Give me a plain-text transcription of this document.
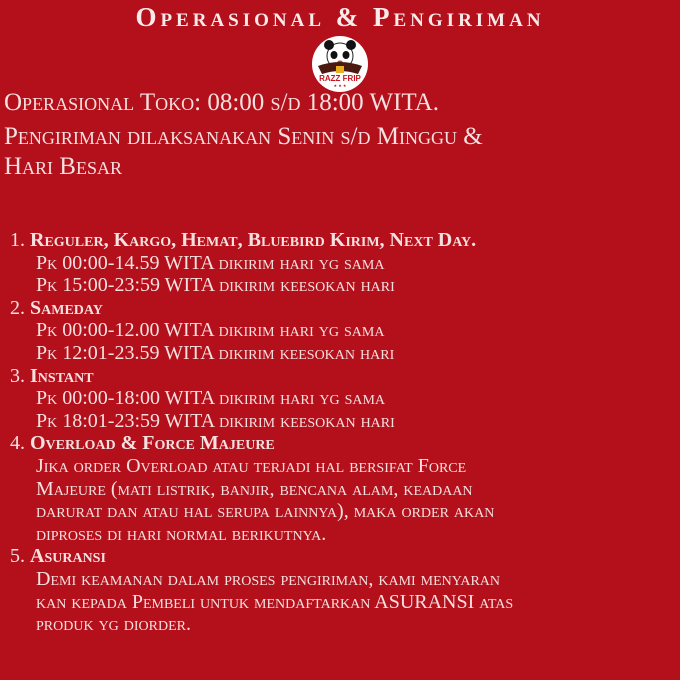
Operasional & Pengiriman
RAZZ FRIP
★ ★ ★
Operasional Toko: 08:00 s/d 18:00 WITA.
Pengiriman dilaksanakan Senin s/d Minggu &
Hari Besar
1. Reguler, Kargo, Hemat, Bluebird Kirim, Next Day.
Pk 00:00-14.59 WITA dikirim hari yg sama
Pk 15:00-23:59 WITA dikirim keesokan hari
2. Sameday
Pk 00:00-12.00 WITA dikirim hari yg sama
Pk 12:01-23.59 WITA dikirim keesokan hari
3. Instant
Pk 00:00-18:00 WITA dikirim hari yg sama
Pk 18:01-23:59 WITA dikirim keesokan hari
4. Overload & Force Majeure
Jika order Overload atau terjadi hal bersifat Force
Majeure (mati listrik, banjir, bencana alam, keadaan
darurat dan atau hal serupa lainnya), maka order akan
diproses di hari normal berikutnya.
5. Asuransi
Demi keamanan dalam proses pengiriman, kami menyaran
kan kepada Pembeli untuk mendaftarkan ASURANSI atas
produk yg diorder.
